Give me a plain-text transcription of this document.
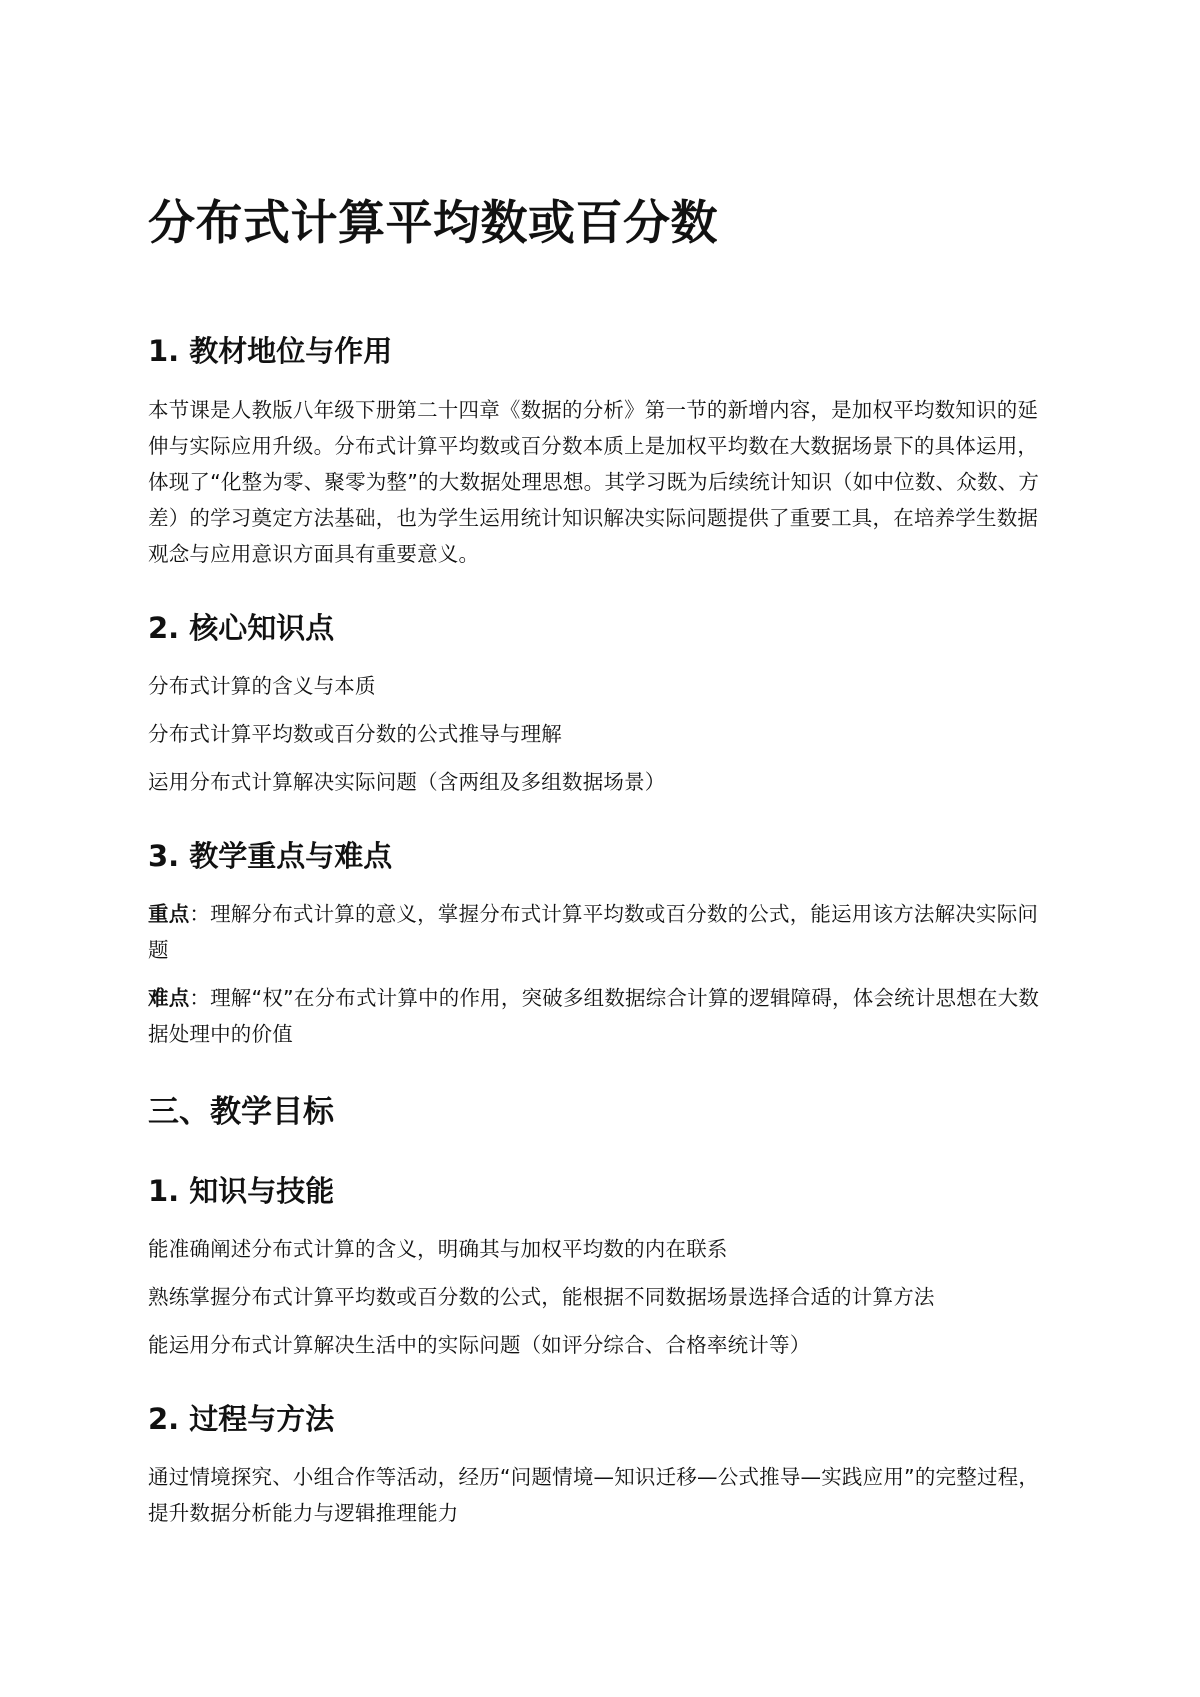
分布式计算平均数或百分数
1. 教材地位与作用

本节课是人教版八年级下册第二十四章《数据的分析》第一节的新增内容，是加权平均数知识的延伸与实际应用升级。分布式计算平均数或百分数本质上是加权平均数在大数据场景下的具体运用，体现了“化整为零、聚零为整”的大数据处理思想。其学习既为后续统计知识（如中位数、众数、方差）的学习奠定方法基础，也为学生运用统计知识解决实际问题提供了重要工具，在培养学生数据观念与应用意识方面具有重要意义。

2. 核心知识点
分布式计算的含义与本质
分布式计算平均数或百分数的公式推导与理解
运用分布式计算解决实际问题（含两组及多组数据场景）
3. 教学重点与难点

重点：理解分布式计算的意义，掌握分布式计算平均数或百分数的公式，能运用该方法解决实际问题

难点：理解“权”在分布式计算中的作用，突破多组数据综合计算的逻辑障碍，体会统计思想在大数据处理中的价值

三、教学目标
1. 知识与技能
能准确阐述分布式计算的含义，明确其与加权平均数的内在联系
熟练掌握分布式计算平均数或百分数的公式，能根据不同数据场景选择合适的计算方法
能运用分布式计算解决生活中的实际问题（如评分综合、合格率统计等）
2. 过程与方法

通过情境探究、小组合作等活动，经历“问题情境—知识迁移—公式推导—实践应用”的完整过程，提升数据分析能力与逻辑推理能力
